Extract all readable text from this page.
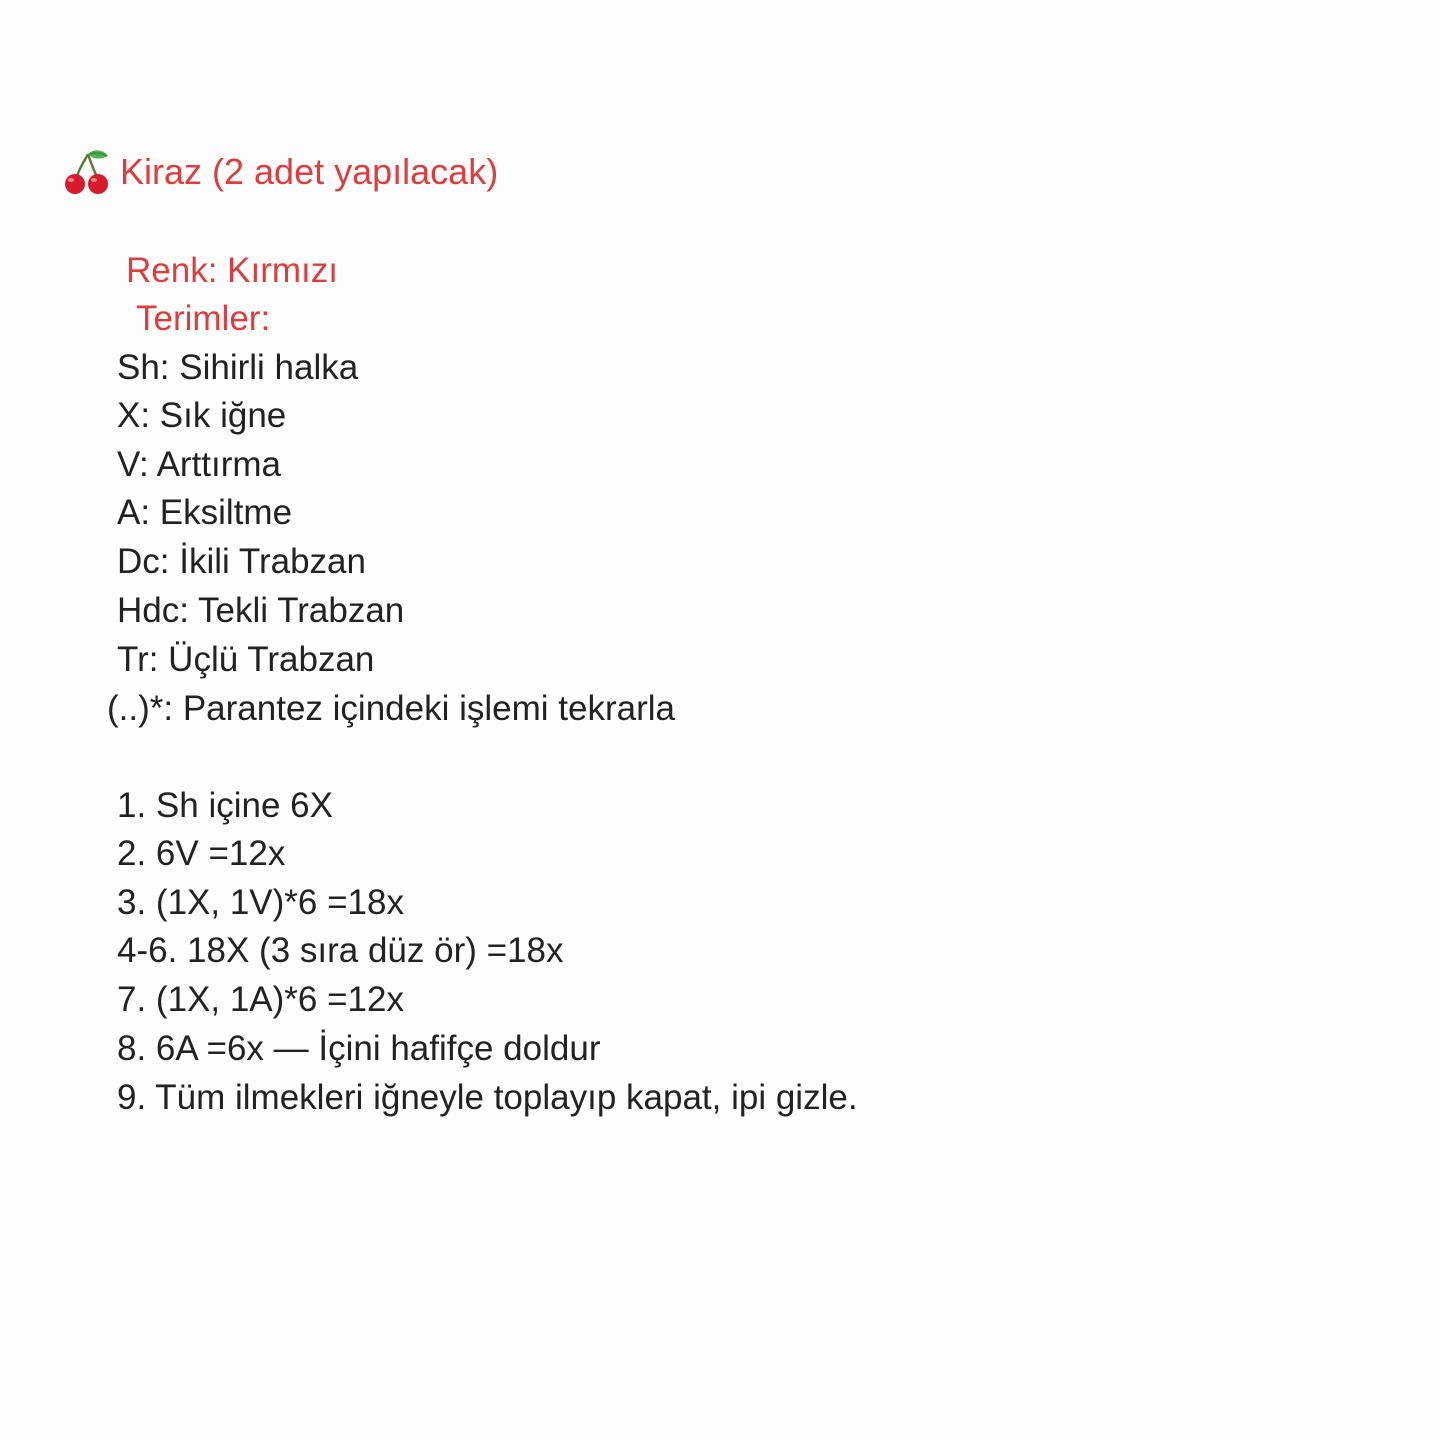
Kiraz (2 adet yapılacak)
Renk: Kırmızı
Terimler:
Sh: Sihirli halka
X: Sık iğne
V: Arttırma
A: Eksiltme
Dc: İkili Trabzan
Hdc: Tekli Trabzan
Tr: Üçlü Trabzan
(..)*: Parantez içindeki işlemi tekrarla
1. Sh içine 6X
2. 6V =12x
3. (1X, 1V)*6 =18x
4-6. 18X (3 sıra düz ör) =18x
7. (1X, 1A)*6 =12x
8. 6A =6x — İçini hafifçe doldur
9. Tüm ilmekleri iğneyle toplayıp kapat, ipi gizle.
